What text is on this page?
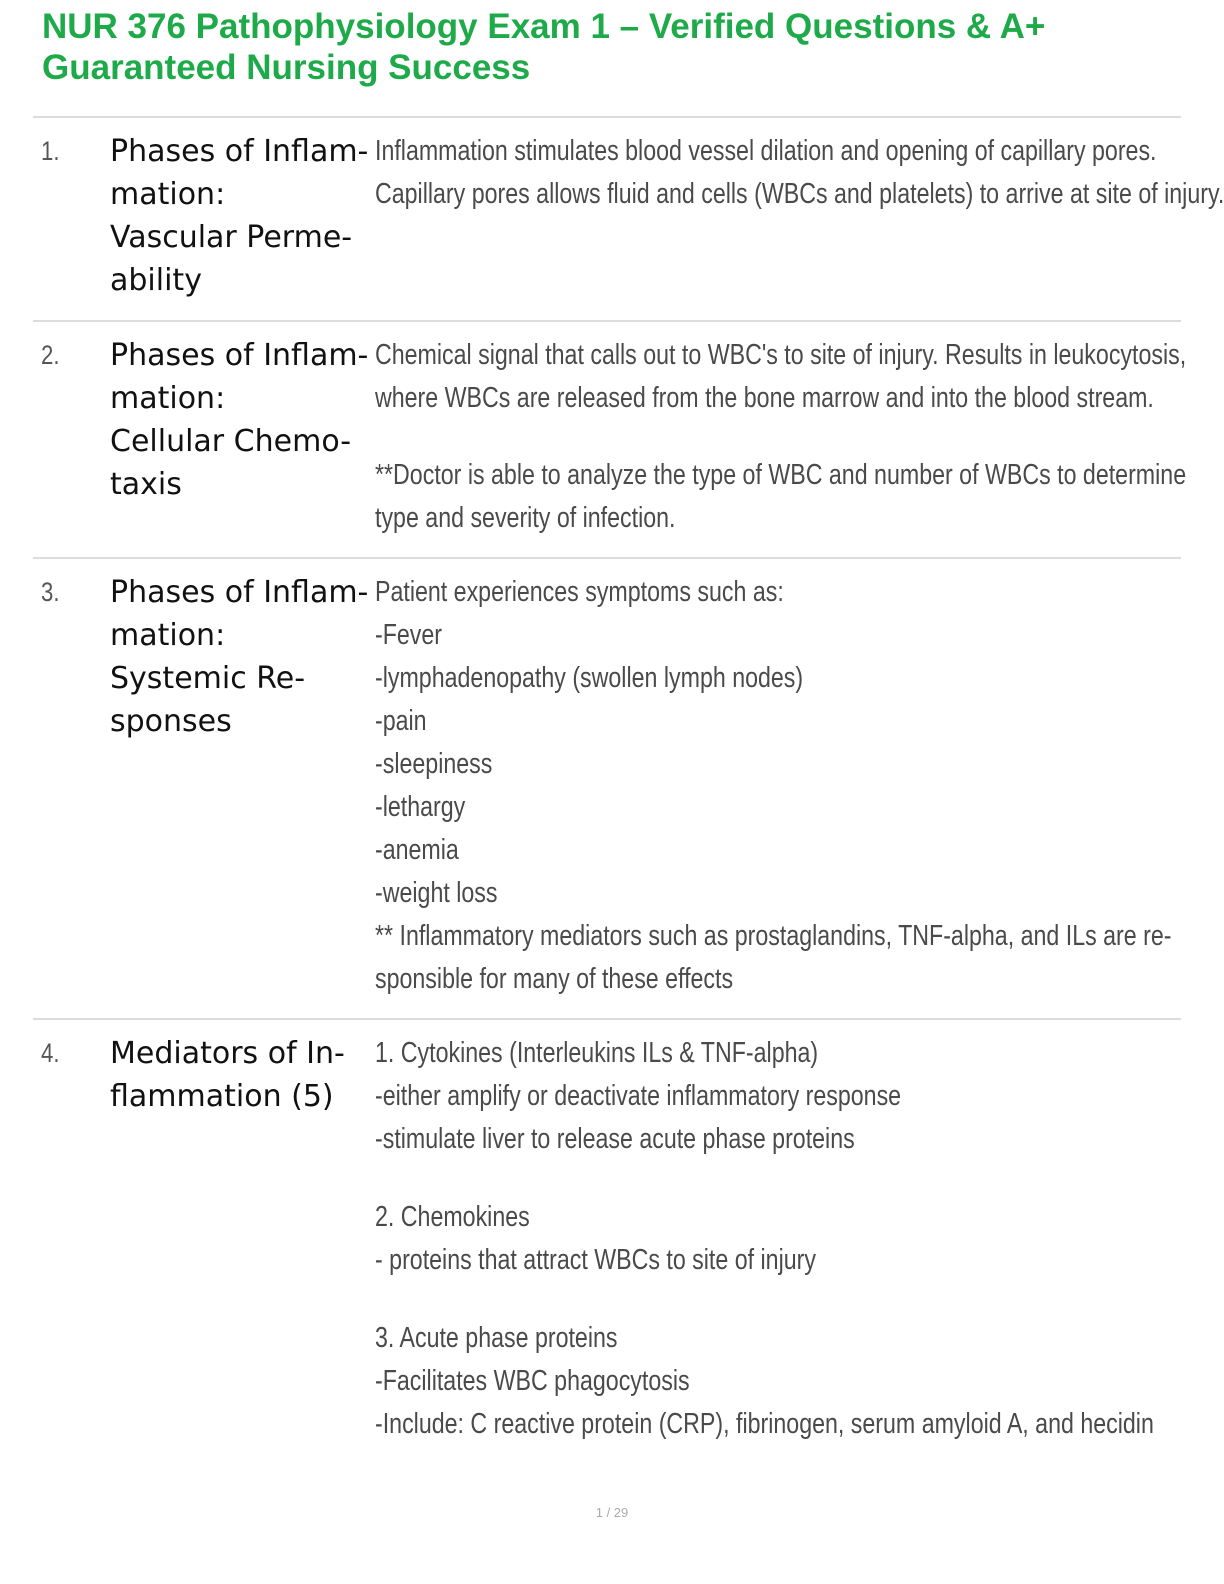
NUR 376 Pathophysiology Exam 1 – Verified Questions & A+
Guaranteed Nursing Success
1. Phases of Inflam-
mation:
Vascular Perme-
ability
Inflammation stimulates blood vessel dilation and opening of capillary pores.
Capillary pores allows fluid and cells (WBCs and platelets) to arrive at site of injury.
2. Phases of Inflam-
mation:
Cellular Chemo-
taxis
Chemical signal that calls out to WBC's to site of injury. Results in leukocytosis,
where WBCs are released from the bone marrow and into the blood stream.
**Doctor is able to analyze the type of WBC and number of WBCs to determine
type and severity of infection.
3. Phases of Inflam-
mation:
Systemic Re-
sponses
Patient experiences symptoms such as:
-Fever
-lymphadenopathy (swollen lymph nodes)
-pain
-sleepiness
-lethargy
-anemia
-weight loss
** Inflammatory mediators such as prostaglandins, TNF-alpha, and ILs are re-
sponsible for many of these effects
4. Mediators of In-
flammation (5)
1. Cytokines (Interleukins ILs & TNF-alpha)
-either amplify or deactivate inflammatory response
-stimulate liver to release acute phase proteins
2. Chemokines
- proteins that attract WBCs to site of injury
3. Acute phase proteins
-Facilitates WBC phagocytosis
-Include: C reactive protein (CRP), fibrinogen, serum amyloid A, and hecidin
1 / 29
